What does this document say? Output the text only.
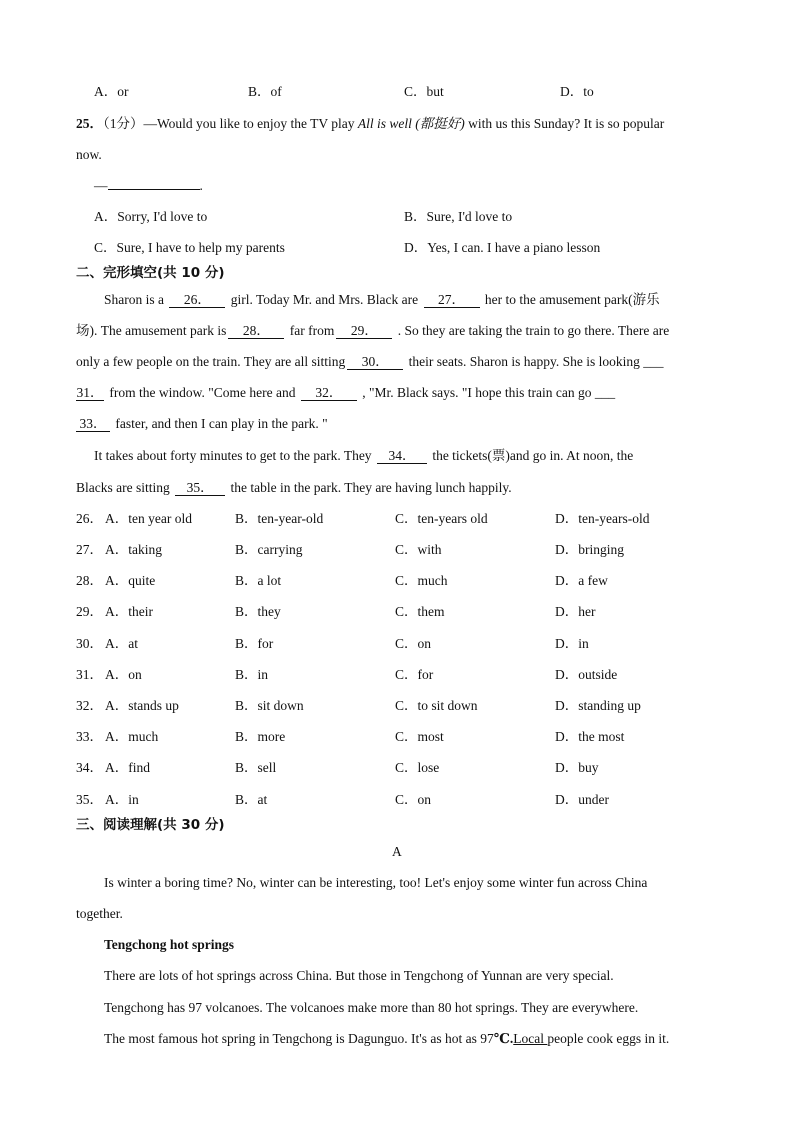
A．or	B．of	C．but	D．to
25．（1分）—Would you like to enjoy the TV play All is well (都挺好) with us this Sunday? It is so popular
now.
—	.
A．Sorry, I'd love to	B．Sure, I'd love to
C．Sure, I have to help my parents	D．Yes, I can. I have a piano lesson
二、完形填空(共 10 分)
Sharon is a 26． girl. Today Mr. and Mrs. Black are 27． her to the amusement park(游乐
场). The amusement park is 28． far from 29． . So they are taking the train to go there. There are
only a few people on the train. They are all sitting 30． their seats. Sharon is happy. She is looking ___
31． from the window. "Come here and 32． , "Mr. Black says. "I hope this train can go ___
33． faster, and then I can play in the park. "
It takes about forty minutes to get to the park. They 34． the tickets(票)and go in. At noon, the
Blacks are sitting 35． the table in the park. They are having lunch happily.
26． A．ten year old	B．ten-year-old	C．ten-years old	D．ten-years-old
27． A．taking	B．carrying	C．with	D．bringing
28． A．quite	B．a lot	C．much	D．a few
29． A．their	B．they	C．them	D．her
30． A．at	B．for	C．on	D．in
31． A．on	B．in	C．for	D．outside
32． A．stands up	B．sit down	C．to sit down	D．standing up
33． A．much	B．more	C．most	D．the most
34． A．find	B．sell	C．lose	D．buy
35． A．in	B．at	C．on	D．under
三、阅读理解(共 30 分)
A
Is winter a boring time? No, winter can be interesting, too! Let's enjoy some winter fun across China
together.
Tengchong hot springs
There are lots of hot springs across China. But those in Tengchong of Yunnan are very special.
Tengchong has 97 volcanoes. The volcanoes make more than 80 hot springs. They are everywhere.
The most famous hot spring in Tengchong is Dagunguo. It's as hot as 97℃.Local people cook eggs in it.
